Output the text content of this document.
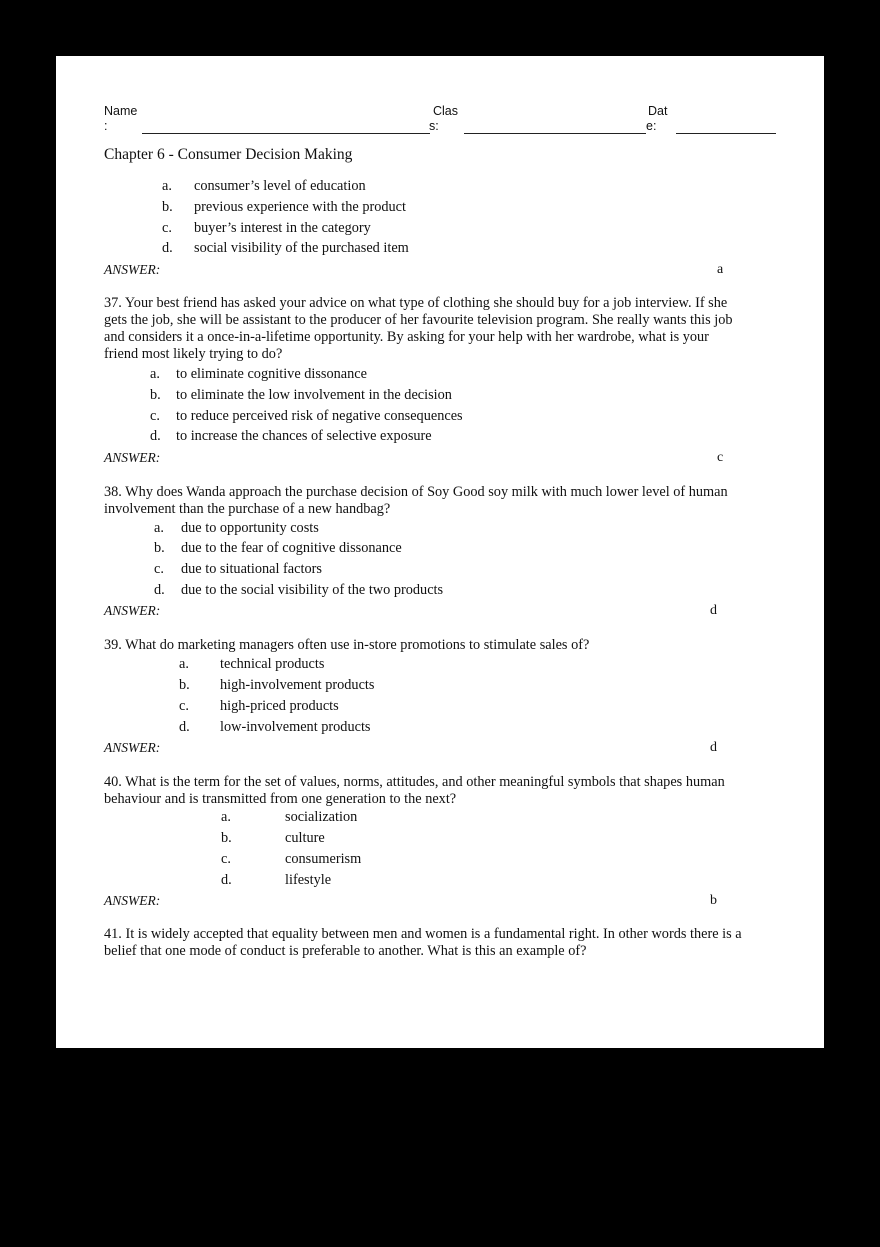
Name
:
Clas
s:
Dat
e:
Chapter 6 - Consumer Decision Making
a. consumer’s level of education
b. previous experience with the product
c. buyer’s interest in the category
d. social visibility of the purchased item
ANSWER:	a
37. Your best friend has asked your advice on what type of clothing she should buy for a job interview. If she
gets the job, she will be assistant to the producer of her favourite television program. She really wants this job
and considers it a once-in-a-lifetime opportunity. By asking for your help with her wardrobe, what is your
friend most likely trying to do?
a. to eliminate cognitive dissonance
b. to eliminate the low involvement in the decision
c. to reduce perceived risk of negative consequences
d. to increase the chances of selective exposure
ANSWER:	c
38. Why does Wanda approach the purchase decision of Soy Good soy milk with much lower level of human
involvement than the purchase of a new handbag?
a. due to opportunity costs
b. due to the fear of cognitive dissonance
c. due to situational factors
d. due to the social visibility of the two products
ANSWER:	d
39. What do marketing managers often use in-store promotions to stimulate sales of?
a. technical products
b. high-involvement products
c. high-priced products
d. low-involvement products
ANSWER:	d
40. What is the term for the set of values, norms, attitudes, and other meaningful symbols that shapes human
behaviour and is transmitted from one generation to the next?
a.	socialization
b.	culture
c.	consumerism
d.	lifestyle
ANSWER:	b
41. It is widely accepted that equality between men and women is a fundamental right. In other words there is a
belief that one mode of conduct is preferable to another. What is this an example of?
